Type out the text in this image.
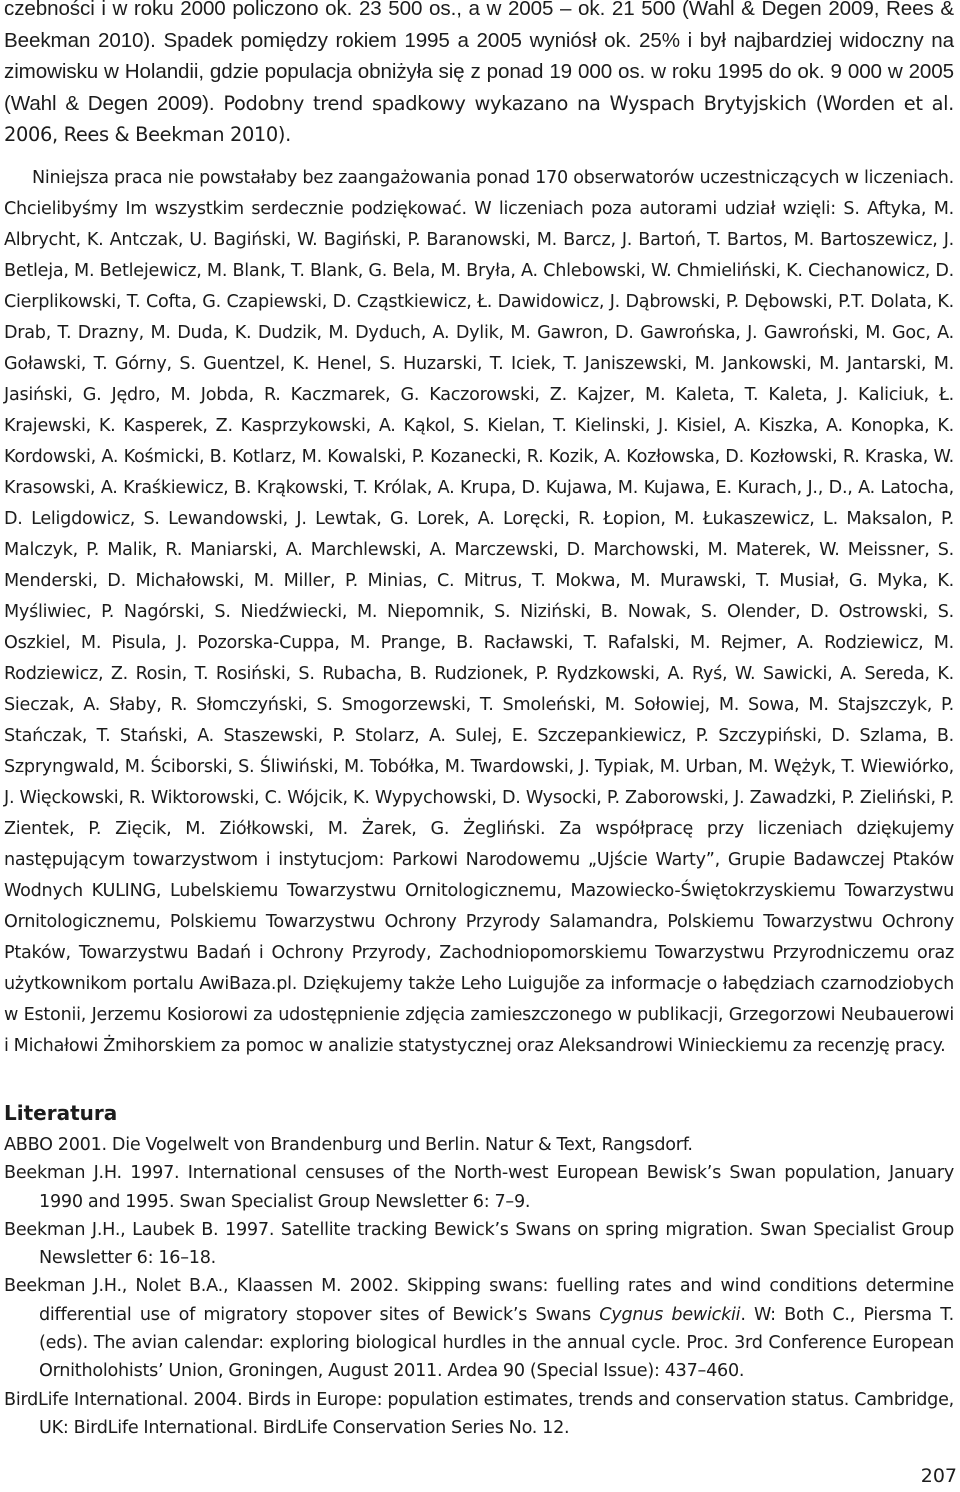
czebności i w roku 2000 policzono ok. 23 500 os., a w 2005 – ok. 21 500 (Wahl & Degen 2009, Rees & Beekman 2010). Spadek pomiędzy rokiem 1995 a 2005 wyniósł ok. 25% i był najbardziej widoczny na zimowisku w Holandii, gdzie populacja obniżyła się z ponad 19 000 os. w roku 1995 do ok. 9 000 w 2005 (Wahl & Degen 2009). Podobny trend spadkowy wykazano na Wyspach Brytyjskich (Worden et al. 2006, Rees & Beekman 2010).

Niniejsza praca nie powstałaby bez zaangażowania ponad 170 obserwatorów uczestniczących w liczeniach. Chcielibyśmy Im wszystkim serdecznie podziękować. W liczeniach poza autorami udział wzięli: S. Aftyka, M. Albrycht, K. Antczak, U. Bagiński, W. Bagiński, P. Baranowski, M. Barcz, J. Bartoń, T. Bartos, M. Bartoszewicz, J. Betleja, M. Betlejewicz, M. Blank, T. Blank, G. Bela, M. Bryła, A. Chlebowski, W. Chmieliński, K. Ciechanowicz, D. Cierplikowski, T. Cofta, G. Czapiewski, D. Cząstkiewicz, Ł. Dawidowicz, J. Dąbrowski, P. Dębowski, P.T. Dolata, K. Drab, T. Drazny, M. Duda, K. Dudzik, M. Dyduch, A. Dylik, M. Gawron, D. Gawrońska, J. Gawroński, M. Goc, A. Goławski, T. Górny, S. Guentzel, K. Henel, S. Huzarski, T. Iciek, T. Janiszewski, M. Jankowski, M. Jantarski, M. Jasiński, G. Jędro, M. Jobda, R. Kaczmarek, G. Kaczorowski, Z. Kajzer, M. Kaleta, T. Kaleta, J. Kaliciuk, Ł. Krajewski, K. Kasperek, Z. Kasprzykowski, A. Kąkol, S. Kielan, T. Kielinski, J. Kisiel, A. Kiszka, A. Konopka, K. Kordowski, A. Kośmicki, B. Kotlarz, M. Kowalski, P. Kozanecki, R. Kozik, A. Kozłowska, D. Kozłowski, R. Kraska, W. Krasowski, A. Kraśkiewicz, B. Krąkowski, T. Królak, A. Krupa, D. Kujawa, M. Kujawa, E. Kurach, J., D., A. Latocha, D. Leligdowicz, S. Lewandowski, J. Lewtak, G. Lorek, A. Loręcki, R. Łopion, M. Łukaszewicz, L. Maksalon, P. Malczyk, P. Malik, R. Maniarski, A. Marchlewski, A. Marczewski, D. Marchowski, M. Materek, W. Meissner, S. Menderski, D. Michałowski, M. Miller, P. Minias, C. Mitrus, T. Mokwa, M. Murawski, T. Musiał, G. Myka, K. Myśliwiec, P. Nagórski, S. Niedźwiecki, M. Niepomnik, S. Niziński, B. Nowak, S. Olender, D. Ostrowski, S. Oszkiel, M. Pisula, J. Pozorska-Cuppa, M. Prange, B. Racławski, T. Rafalski, M. Rejmer, A. Rodziewicz, M. Rodziewicz, Z. Rosin, T. Rosiński, S. Rubacha, B. Rudzionek, P. Rydzkowski, A. Ryś, W. Sawicki, A. Sereda, K. Sieczak, A. Słaby, R. Słomczyński, S. Smogorzewski, T. Smoleński, M. Sołowiej, M. Sowa, M. Stajszczyk, P. Stańczak, T. Stański, A. Staszewski, P. Stolarz, A. Sulej, E. Szczepankiewicz, P. Szczypiński, D. Szlama, B. Szpryngwald, M. Ściborski, S. Śliwiński, M. Tobółka, M. Twardowski, J. Typiak, M. Urban, M. Wężyk, T. Wiewiórko, J. Więckowski, R. Wiktorowski, C. Wójcik, K. Wypychowski, D. Wysocki, P. Zaborowski, J. Zawadzki, P. Zieliński, P. Zientek, P. Zięcik, M. Ziółkowski, M. Żarek, G. Żegliński. Za współpracę przy liczeniach dziękujemy następującym towarzystwom i instytucjom: Parkowi Narodowemu „Ujście Warty”, Grupie Badawczej Ptaków Wodnych KULING, Lubelskiemu Towarzystwu Ornitologicznemu, Mazowiecko-Świętokrzyskiemu Towarzystwu Ornitologicznemu, Polskiemu Towarzystwu Ochrony Przyrody Salamandra, Polskiemu Towarzystwu Ochrony Ptaków, Towarzystwu Badań i Ochrony Przyrody, Zachodniopomorskiemu Towarzystwu Przyrodniczemu oraz użytkownikom portalu AwiBaza.pl. Dziękujemy także Leho Luigujõe za informacje o łabędziach czarnodziobych w Estonii, Jerzemu Kosiorowi za udostępnienie zdjęcia zamieszczonego w publikacji, Grzegorzowi Neubauerowi i Michałowi Żmihorskiem za pomoc w analizie statystycznej oraz Aleksandrowi Winieckiemu za recenzję pracy.

Literatura
ABBO 2001. Die Vogelwelt von Brandenburg und Berlin. Natur & Text, Rangsdorf.
Beekman J.H. 1997. International censuses of the North-west European Bewisk’s Swan population, January 1990 and 1995. Swan Specialist Group Newsletter 6: 7–9.
Beekman J.H., Laubek B. 1997. Satellite tracking Bewick’s Swans on spring migration. Swan Specialist Group Newsletter 6: 16–18.
Beekman J.H., Nolet B.A., Klaassen M. 2002. Skipping swans: fuelling rates and wind conditions determine differential use of migratory stopover sites of Bewick’s Swans Cygnus bewickii. W: Both C., Piersma T. (eds). The avian calendar: exploring biological hurdles in the annual cycle. Proc. 3rd Conference European Ornitholohists’ Union, Groningen, August 2011. Ardea 90 (Special Issue): 437–460.
BirdLife International. 2004. Birds in Europe: population estimates, trends and conservation status. Cambridge, UK: BirdLife International. BirdLife Conservation Series No. 12.
207
